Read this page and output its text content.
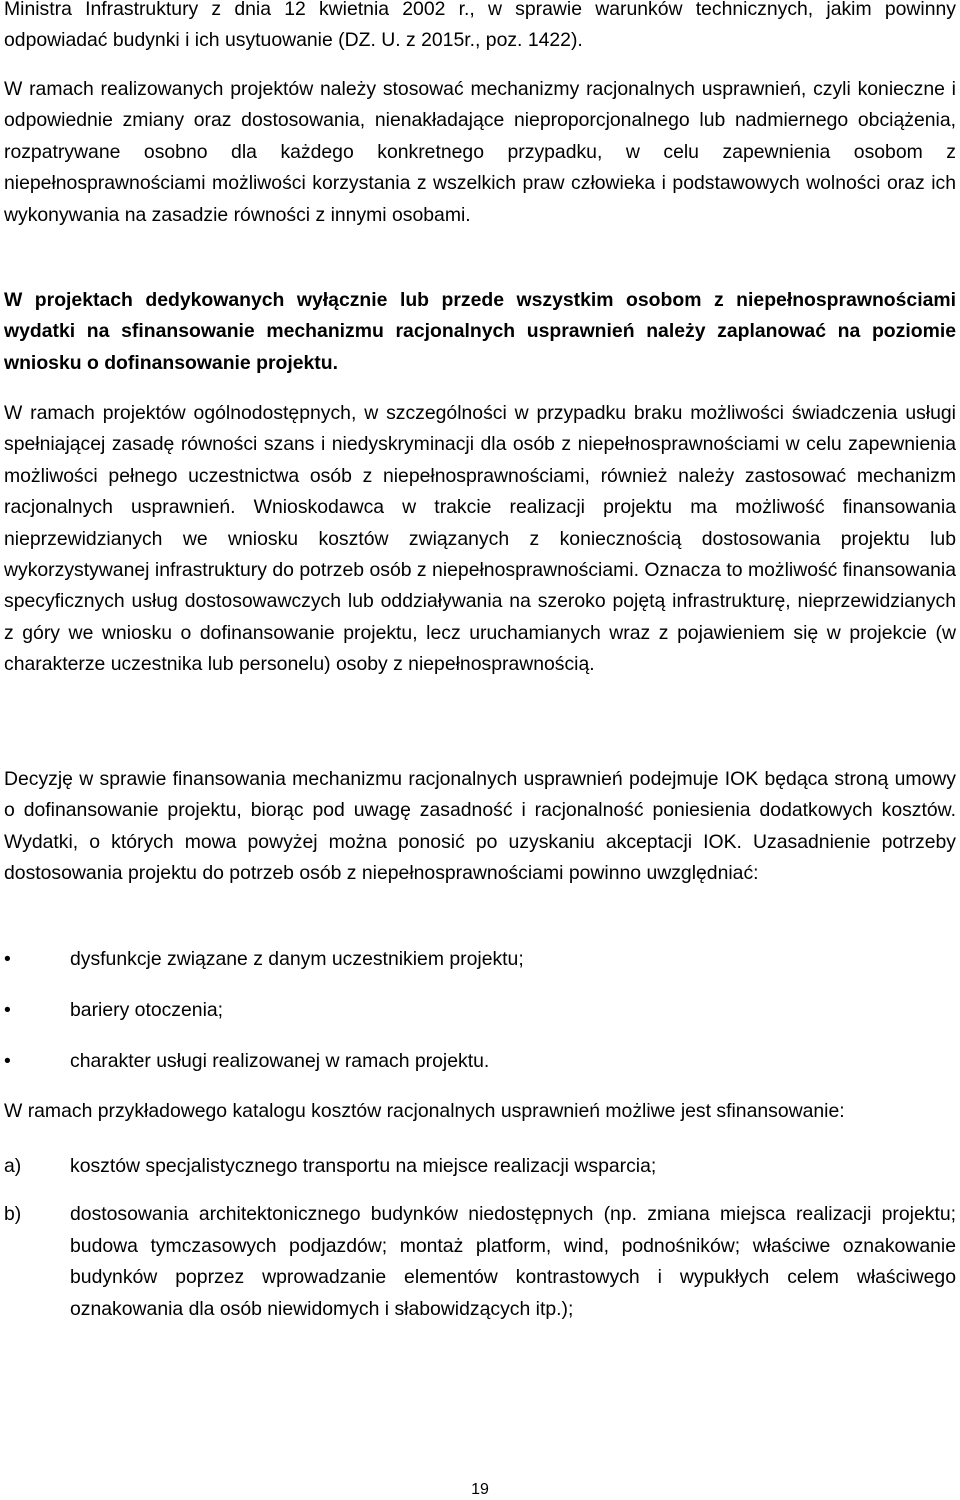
Ministra Infrastruktury z dnia 12 kwietnia 2002 r., w sprawie warunków technicznych, jakim powinny odpowiadać budynki i ich usytuowanie (DZ. U. z 2015r., poz. 1422).

W ramach realizowanych projektów należy stosować mechanizmy racjonalnych usprawnień, czyli konieczne i odpowiednie zmiany oraz dostosowania, nienakładające nieproporcjonalnego lub nadmiernego obciążenia, rozpatrywane osobno dla każdego konkretnego przypadku, w celu zapewnienia osobom z niepełnosprawnościami możliwości korzystania z wszelkich praw człowieka i podstawowych wolności oraz ich wykonywania na zasadzie równości z innymi osobami.

W projektach dedykowanych wyłącznie lub przede wszystkim osobom z niepełnosprawnościami wydatki na sfinansowanie mechanizmu racjonalnych usprawnień należy zaplanować na poziomie wniosku o dofinansowanie projektu.

W ramach projektów ogólnodostępnych, w szczególności w przypadku braku możliwości świadczenia usługi spełniającej zasadę równości szans i niedyskryminacji dla osób z niepełnosprawnościami w celu zapewnienia możliwości pełnego uczestnictwa osób z niepełnosprawnościami, również należy zastosować mechanizm racjonalnych usprawnień. Wnioskodawca w trakcie realizacji projektu ma możliwość finansowania nieprzewidzianych we wniosku kosztów związanych z koniecznością dostosowania projektu lub wykorzystywanej infrastruktury do potrzeb osób z niepełnosprawnościami. Oznacza to możliwość finansowania specyficznych usług dostosowawczych lub oddziaływania na szeroko pojętą infrastrukturę, nieprzewidzianych z góry we wniosku o dofinansowanie projektu, lecz uruchamianych wraz z pojawieniem się w projekcie (w charakterze uczestnika lub personelu) osoby z niepełnosprawnością.

Decyzję w sprawie finansowania mechanizmu racjonalnych usprawnień podejmuje IOK będąca stroną umowy o dofinansowanie projektu, biorąc pod uwagę zasadność i racjonalność poniesienia dodatkowych kosztów. Wydatki, o których mowa powyżej można ponosić po uzyskaniu akceptacji IOK. Uzasadnienie potrzeby dostosowania projektu do potrzeb osób z niepełnosprawnościami powinno uwzględniać:

•	dysfunkcje związane z danym uczestnikiem projektu;
•	bariery otoczenia;
•	charakter usługi realizowanej w ramach projektu.

W ramach przykładowego katalogu kosztów racjonalnych usprawnień możliwe jest sfinansowanie:

a)	kosztów specjalistycznego transportu na miejsce realizacji wsparcia;
b)	dostosowania architektonicznego budynków niedostępnych (np. zmiana miejsca realizacji projektu; budowa tymczasowych podjazdów; montaż platform, wind, podnośników; właściwe oznakowanie budynków poprzez wprowadzanie elementów kontrastowych i wypukłych celem właściwego oznakowania dla osób niewidomych i słabowidzących itp.);
19
